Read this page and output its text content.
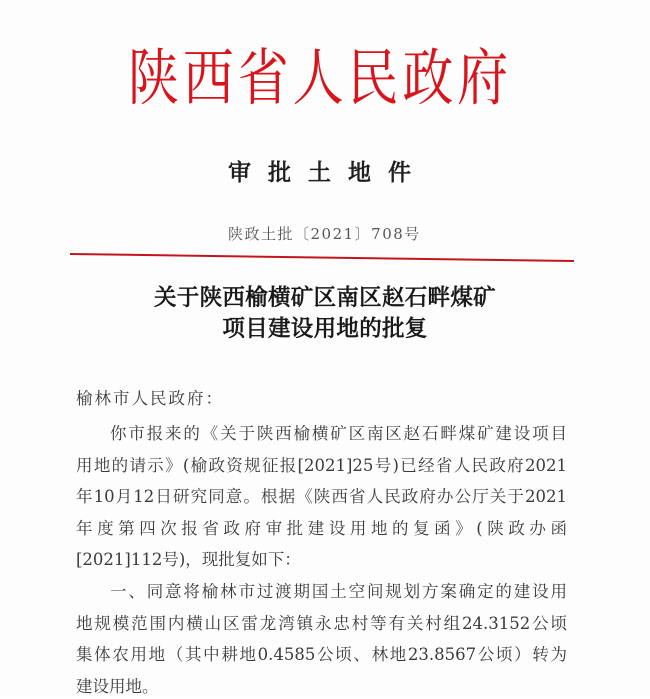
陕西省人民政府
审批土地件
陕政土批〔2021〕708号
关于陕西榆横矿区南区赵石畔煤矿
项目建设用地的批复
榆林市人民政府：
你市报来的《关于陕西榆横矿区南区赵石畔煤矿建设项目
用地的请示》(榆政资规征报[2021]25号)已经省人民政府2021
年10月12日研究同意。根据《陕西省人民政府办公厅关于2021
年度第四次报省政府审批建设用地的复函》(陕政办函
[2021]112号)，现批复如下：
一、同意将榆林市过渡期国土空间规划方案确定的建设用
地规模范围内横山区雷龙湾镇永忠村等有关村组24.3152公顷
集体农用地（其中耕地0.4585公顷、林地23.8567公顷）转为
建设用地。
